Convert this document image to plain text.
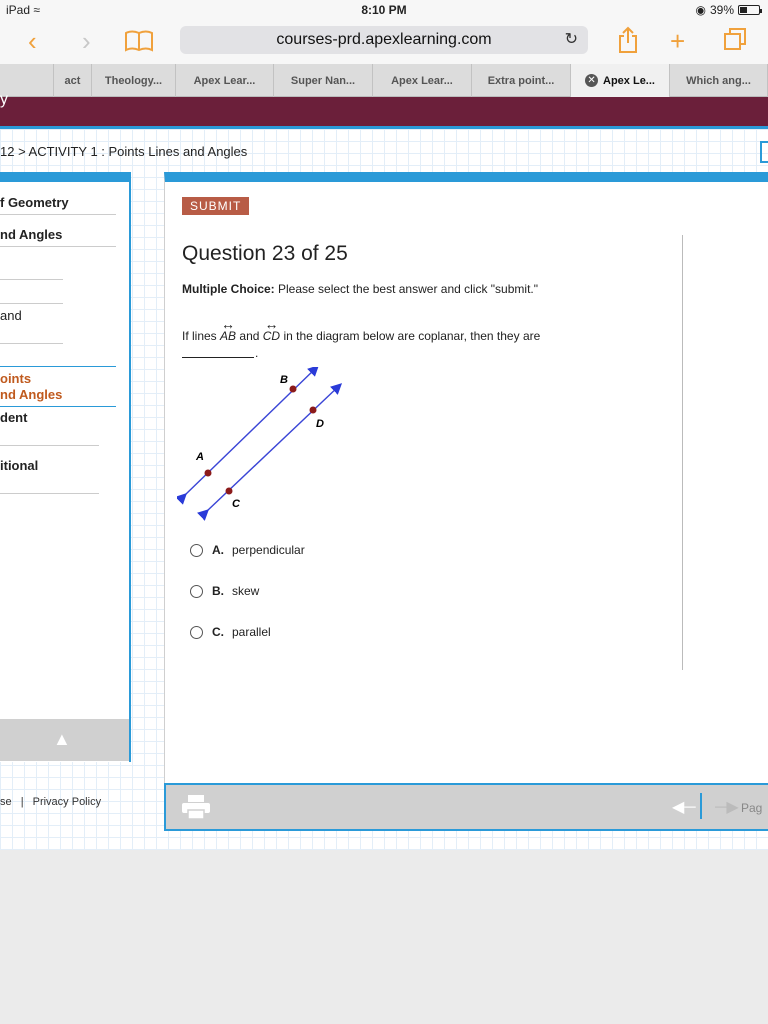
iPad ≈	8:10 PM	◉ 39%
‹ ›	courses-prd.apexlearning.com	↻	+
act Theology...	Apex Lear...	Super Nan...	Apex Lear...	Extra point...	✕ Apex Le...	Which ang...
y
12 > ACTIVITY 1 : Points Lines and Angles
f Geometry
nd Angles
and
oints
nd Angles
dent
itional
▲
se | Privacy Policy
SUBMIT
Question 23 of 25
Multiple Choice: Please select the best answer and click "submit."
If lines ↔ AB and ↔ CD in the diagram below are coplanar, then they are
.
A
B
C
D
A. perpendicular
B. skew
C. parallel
◀─ ─▶ Pag
